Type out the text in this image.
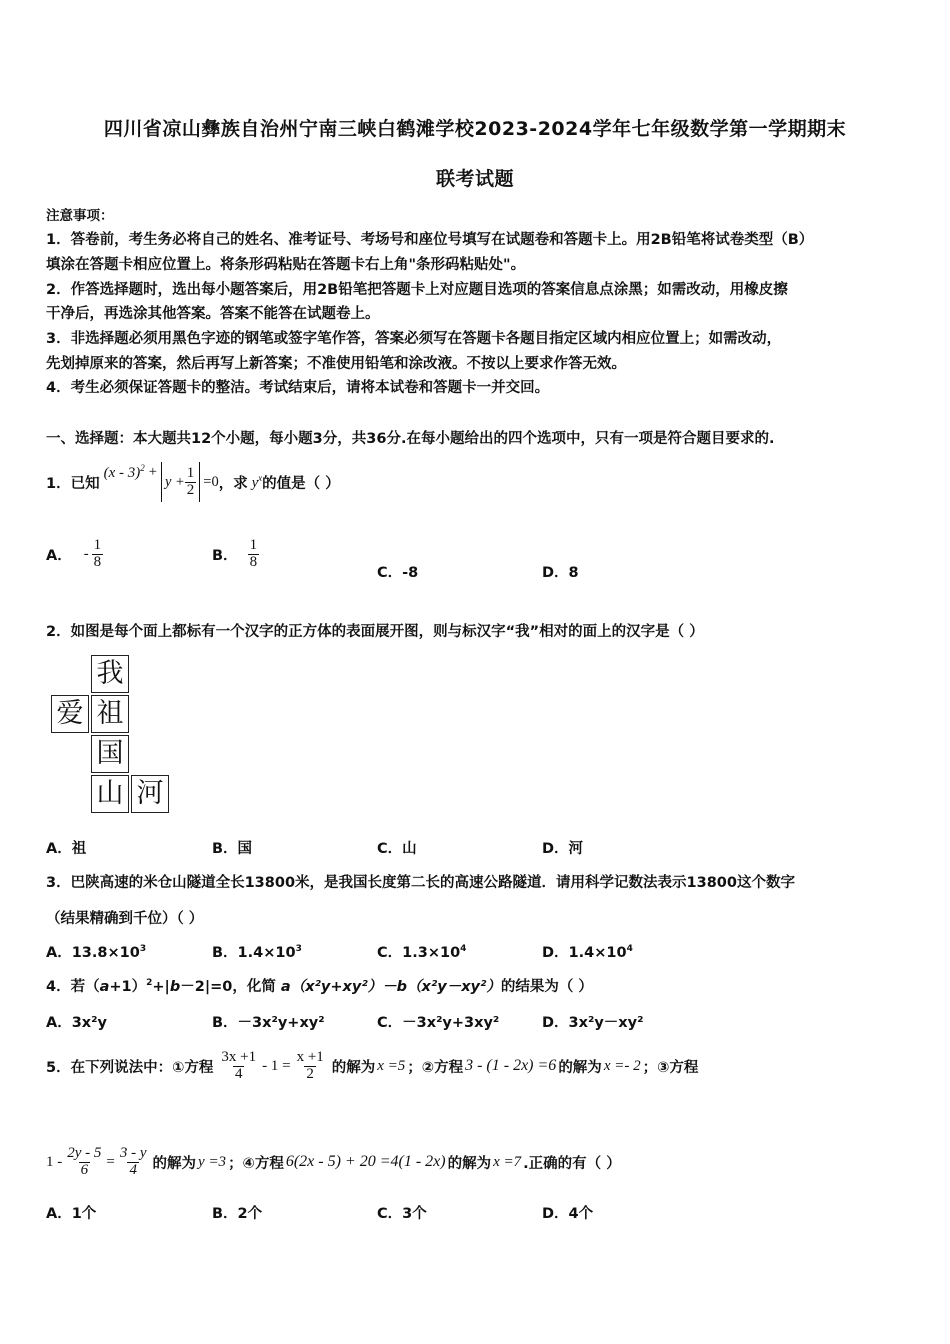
四川省凉山彝族自治州宁南三峡白鹤滩学校2023-2024学年七年级数学第一学期期末
联考试题
注意事项：
1．答卷前，考生务必将自己的姓名、准考证号、考场号和座位号填写在试题卷和答题卡上。用2B铅笔将试卷类型（B）
填涂在答题卡相应位置上。将条形码粘贴在答题卡右上角"条形码粘贴处"。
2．作答选择题时，选出每小题答案后，用2B铅笔把答题卡上对应题目选项的答案信息点涂黑；如需改动，用橡皮擦
干净后，再选涂其他答案。答案不能答在试题卷上。
3．非选择题必须用黑色字迹的钢笔或签字笔作答，答案必须写在答题卡各题目指定区域内相应位置上；如需改动，
先划掉原来的答案，然后再写上新答案；不准使用铅笔和涂改液。不按以上要求作答无效。
4．考生必须保证答题卡的整洁。考试结束后，请将本试卷和答题卡一并交回。
一、选择题：本大题共12个小题，每小题3分，共36分.在每小题给出的四个选项中，只有一项是符合题目要求的.
1．已知
(x - 3)$^2$ +
$y + \frac{1}{2} =0$ ，求 $y^x$ 的值是（ ）
A． - $\frac{1}{8}$	B． $\frac{1}{8}$
C．-8	D．8
2．如图是每个面上都标有一个汉字的正方体的表面展开图，则与标汉字“我”相对的面上的汉字是（ ）
我
爱 祖
国
山 河
A．祖	B．国	C．山	D．河
3．巴陕高速的米仓山隧道全长13800米，是我国长度第二长的高速公路隧道．请用科学记数法表示13800这个数字
（结果精确到千位）（ ）
A．$13.8\times 10^3$	B．$1.4\times 10^3$	C．$1.3\times 10^4$	D．$1.4\times 10^4$
4．若$(a+1)^2+|b-2|=0$，化简 a（x²y+xy²）－b（x²y－xy²）的结果为（ ）
A．3x²y	B．－3x²y+xy²	C．－3x²y+3xy²	D．3x²y－xy²
5．在下列说法中：①方程 $\frac{3x +1}{4} - 1 = \frac{x +1}{2}$ 的解为 x =5 ；②方程 3 - (1 - 2x) =6 的解为 x =- 2 ；③方程
$1 - \frac{2y - 5}{6} = \frac{3 - y}{4}$ 的解为 y =3 ；④方程 6(2x - 5) + 20 =4(1 - 2x) 的解为 x =7 .正确的有（ ）
A．1个	B．2个	C．3个	D．4个
